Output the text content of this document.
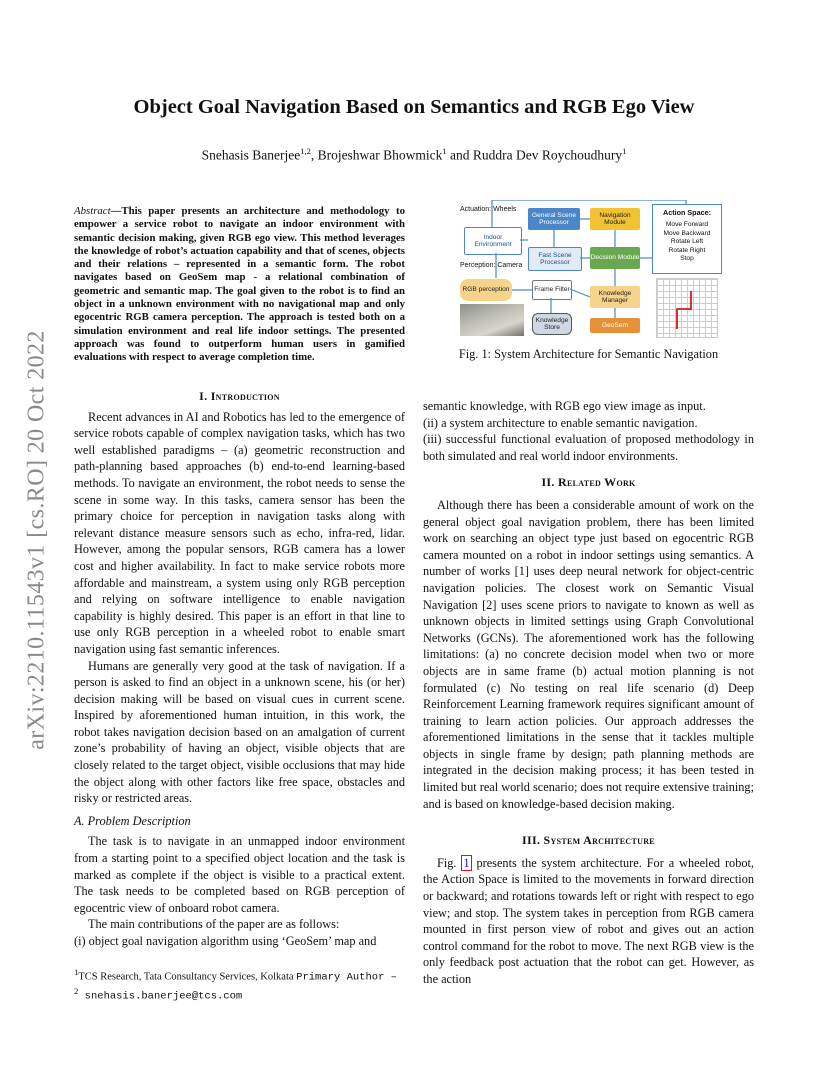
Object Goal Navigation Based on Semantics and RGB Ego View
Snehasis Banerjee$^{1,2}$, Brojeshwar Bhowmick$^1$ and Ruddra Dev Roychoudhury$^1$
arXiv:2210.11543v1 [cs.RO] 20 Oct 2022
Abstract—This paper presents an architecture and methodology to empower a service robot to navigate an indoor environment with semantic decision making, given RGB ego view. This method leverages the knowledge of robot’s actuation capability and that of scenes, objects and their relations – represented in a semantic form. The robot navigates based on GeoSem map - a relational combination of geometric and semantic map. The goal given to the robot is to find an object in a unknown environment with no navigational map and only egocentric RGB camera perception. The approach is tested both on a simulation environment and real life indoor settings. The presented approach was found to outperform human users in gamified evaluations with respect to average completion time.
I. Introduction

Recent advances in AI and Robotics has led to the emergence of service robots capable of complex navigation tasks, which has two well established paradigms – (a) geometric reconstruction and path-planning based approaches (b) end-to-end learning-based methods. To navigate an environment, the robot needs to sense the scene in some way. In this tasks, camera sensor has been the primary choice for perception in navigation tasks along with relevant distance measure sensors such as echo, infra-red, lidar. However, among the popular sensors, RGB camera has a lower cost and higher availability. In fact to make service robots more affordable and mainstream, a system using only RGB perception and relying on software intelligence to enable navigation capability is highly desired. This paper is an effort in that line to use only RGB perception in a wheeled robot to enable smart navigation using fast semantic inferences.

Humans are generally very good at the task of navigation. If a person is asked to find an object in a unknown scene, his (or her) decision making will be based on visual cues in current scene. Inspired by aforementioned human intuition, in this work, the robot takes navigation decision based on an amalgation of current zone’s probability of having an object, visible objects that are closely related to the target object, visible occlusions that may hide the object along with other factors like free space, obstacles and risky or restricted areas.

A. Problem Description

The task is to navigate in an unmapped indoor environment from a starting point to a specified object location and the task is marked as complete if the object is visible to a practical extent. The task needs to be completed based on RGB perception of egocentric view of onboard robot camera.

The main contributions of the paper are as follows:

(i) object goal navigation algorithm using ‘GeoSem’ map and

$^1$TCS Research, Tata Consultancy Services, Kolkata Primary Author – $^2$ snehasis.banerjee@tcs.com
Actuation: Wheels
Indoor Environment
Perception: Camera
General Scene Processor
Navigation Module
Fast Scene Processor
Decision Module
RGB perception	Frame Filter	Knowledge Manager
Knowledge Store	GeoSem
Action Space:
Move Forward
Move Backward
Rotate Left
Rotate Right
Stop
Fig. 1: System Architecture for Semantic Navigation

semantic knowledge, with RGB ego view image as input.

(ii) a system architecture to enable semantic navigation.

(iii) successful functional evaluation of proposed methodology in both simulated and real world indoor environments.

II. Related Work

Although there has been a considerable amount of work on the general object goal navigation problem, there has been limited work on searching an object type just based on egocentric RGB camera mounted on a robot in indoor settings using semantics. A number of works [1] uses deep neural network for object-centric navigation policies. The closest work on Semantic Visual Navigation [2] uses scene priors to navigate to known as well as unknown objects in limited settings using Graph Convolutional Networks (GCNs). The aforementioned work has the following limitations: (a) no concrete decision model when two or more objects are in same frame (b) actual motion planning is not formulated (c) No testing on real life scenario (d) Deep Reinforcement Learning framework requires significant amount of training to learn action policies. Our approach addresses the aforementioned limitations in the sense that it tackles multiple objects in single frame by design; path planning methods are integrated in the decision making process; it has been tested in limited but real world scenario; does not require extensive training; and is based on knowledge-based decision making.

III. System Architecture

Fig. 1 presents the system architecture. For a wheeled robot, the Action Space is limited to the movements in forward direction or backward; and rotations towards left or right with respect to ego view; and stop. The system takes in perception from RGB camera mounted in first person view of robot and gives out an action control command for the robot to move. The next RGB view is the only feedback post actuation that the robot can get. However, as the action
